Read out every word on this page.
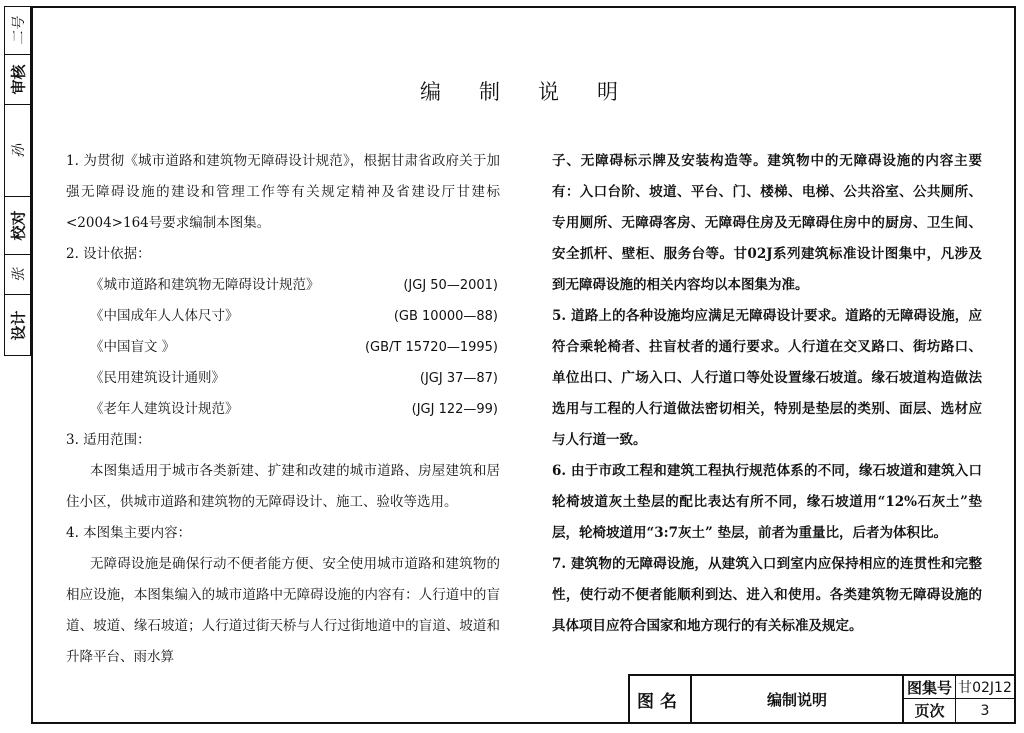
二号
审核
孙
校对
张
设计
编制说明

1. 为贯彻《城市道路和建筑物无障碍设计规范》，根据甘肃省政府关于加强无障碍设施的建设和管理工作等有关规定精神及省建设厅甘建标<2004>164号要求编制本图集。

2. 设计依据：

《城市道路和建筑物无障碍设计规范》	(JGJ 50—2001)
《中国成年人人体尺寸》	(GB 10000—88)
《中国盲文 》	(GB/T 15720—1995)
《民用建筑设计通则》	(JGJ 37—87)
《老年人建筑设计规范》	(JGJ 122—99)

3. 适用范围：

本图集适用于城市各类新建、扩建和改建的城市道路、房屋建筑和居住小区，供城市道路和建筑物的无障碍设计、施工、验收等选用。

4. 本图集主要内容：

无障碍设施是确保行动不便者能方便、安全使用城市道路和建筑物的相应设施，本图集编入的城市道路中无障碍设施的内容有：人行道中的盲道、坡道、缘石坡道；人行道过街天桥与人行过街地道中的盲道、坡道和升降平台、雨水算

子、无障碍标示牌及安装构造等。建筑物中的无障碍设施的内容主要有：入口台阶、坡道、平台、门、楼梯、电梯、公共浴室、公共厕所、专用厕所、无障碍客房、无障碍住房及无障碍住房中的厨房、卫生间、安全抓杆、壁柜、服务台等。甘02J系列建筑标准设计图集中，凡涉及到无障碍设施的相关内容均以本图集为准。

5. 道路上的各种设施均应满足无障碍设计要求。道路的无障碍设施，应符合乘轮椅者、拄盲杖者的通行要求。人行道在交叉路口、街坊路口、单位出口、广场入口、人行道口等处设置缘石坡道。缘石坡道构造做法选用与工程的人行道做法密切相关，特别是垫层的类别、面层、选材应与人行道一致。

6. 由于市政工程和建筑工程执行规范体系的不同，缘石坡道和建筑入口轮椅坡道灰土垫层的配比表达有所不同，缘石坡道用“12%石灰土”垫层，轮椅坡道用“3:7灰土” 垫层，前者为重量比，后者为体积比。

7. 建筑物的无障碍设施，从建筑入口到室内应保持相应的连贯性和完整性，使行动不便者能顺利到达、进入和使用。各类建筑物无障碍设施的具体项目应符合国家和地方现行的有关标准及规定。

图名	编制说明
图集号 甘02J12
页次	3
